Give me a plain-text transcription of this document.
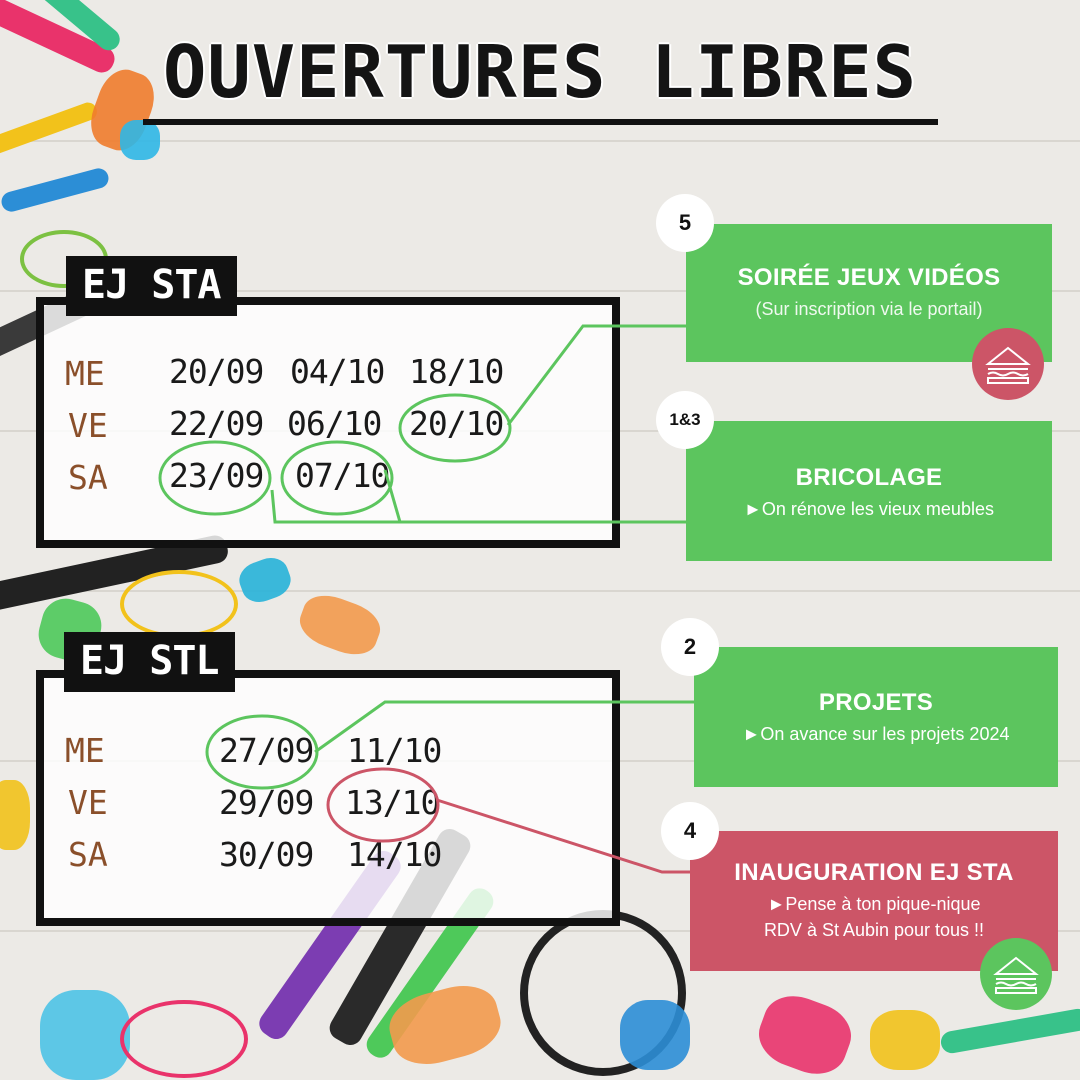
OUVERTURES LIBRES
EJ STA
ME 20/09 04/10 18/10
VE 22/09 06/10 20/10
SA 23/09 07/10
EJ STL
ME	27/09 11/10
VE	29/09 13/10
SA	30/09 14/10
SOIRÉE JEUX VIDÉOS
(Sur inscription via le portail)
5
BRICOLAGE
►On rénove les vieux meubles
1&3
PROJETS
►On avance sur les projets 2024
2
INAUGURATION EJ STA
►Pense à ton pique-nique
RDV à St Aubin pour tous !!
4
